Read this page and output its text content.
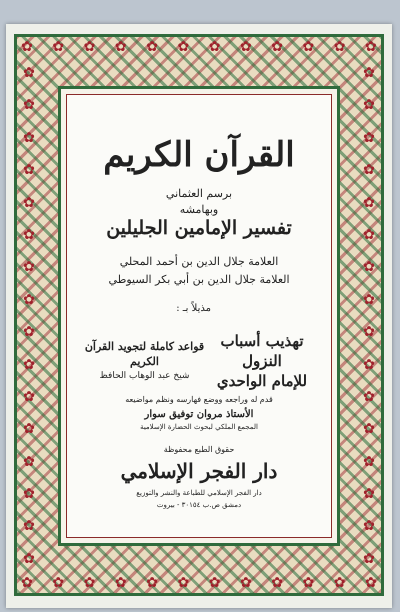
✿ ✿ ✿ ✿ ✿ ✿ ✿ ✿ ✿ ✿ ✿ ✿
✿ ✿ ✿ ✿ ✿ ✿ ✿ ✿ ✿ ✿ ✿ ✿
✿
✿
✿
✿
✿
✿
✿
✿
✿
✿
✿
✿
✿
✿
✿
✿
✿
✿
✿
✿
✿
✿
✿
✿
✿
✿
✿
✿
✿
✿
✿
✿
القرآن الكريم
برسم العثماني
وبهامشه
تفسير الإمامين الجليلين
العلامة جلال الدين بن أحمد المحلي
العلامة جلال الدين بن أبي بكر السيوطي
مذيلاً بـ :
تهذيب أسباب النزول
للإمام الواحدي
قواعد كاملة لتجويد القرآن الكريم
شيخ عبد الوهاب الحافظ
قدم له وراجعه ووضع فهارسه ونظم مواضيعه
الأستاذ مروان توفيق سوار
المجمع الملكي لبحوث الحضارة الإسلامية
حقوق الطبع محفوظة
دار الفجر الإسلامي
دار الفجر الإسلامي للطباعة والنشر والتوزيع
دمشق ص.ب ٣٠١٥٤ - بيروت
